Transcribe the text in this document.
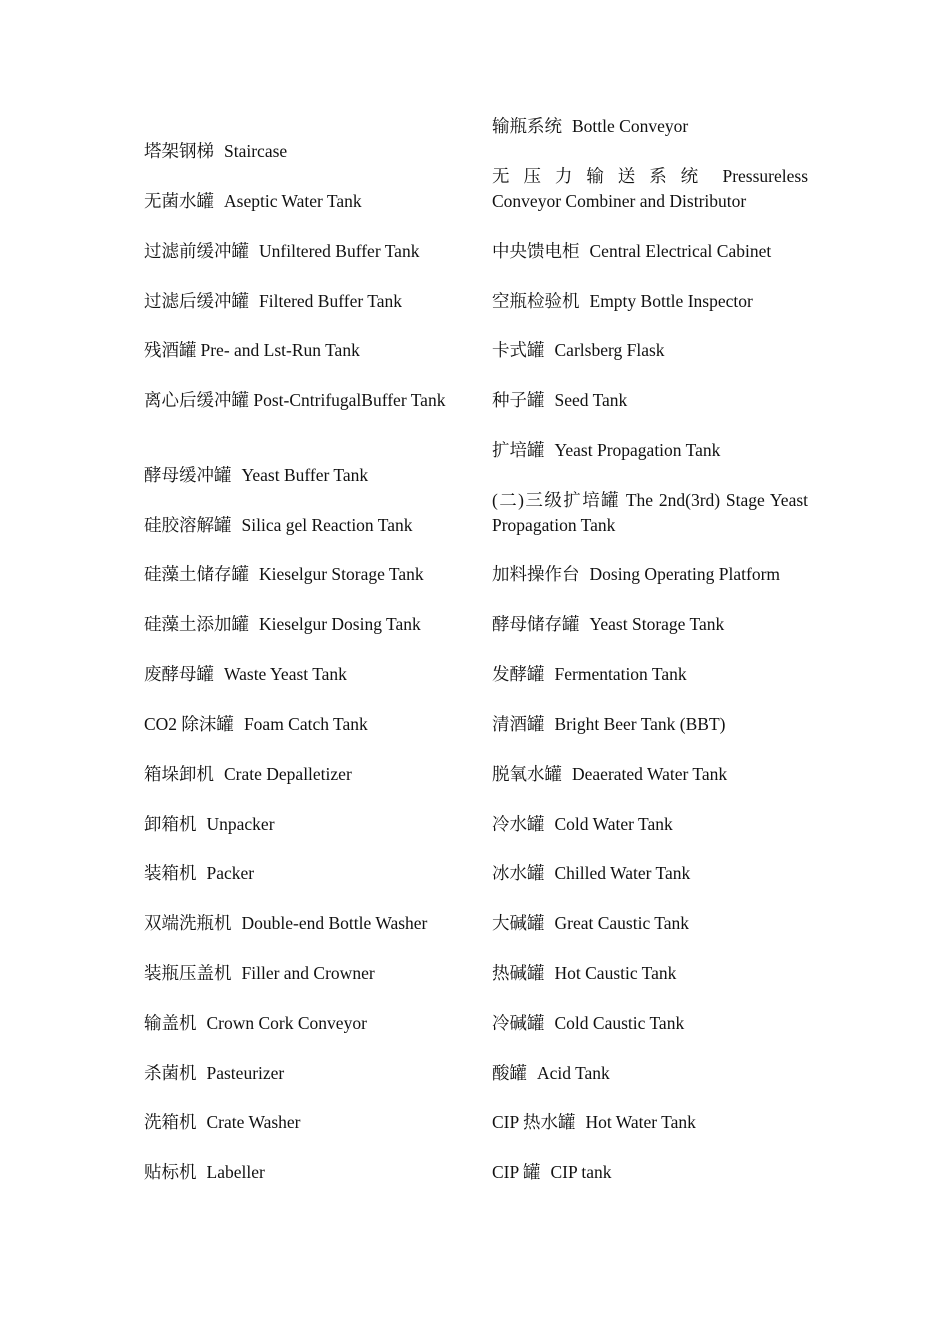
塔架钢梯 Staircase
无菌水罐 Aseptic Water Tank
过滤前缓冲罐 Unfiltered Buffer Tank
过滤后缓冲罐 Filtered Buffer Tank
残酒罐 Pre- and Lst-Run Tank
离心后缓冲罐 Post-CntrifugalBuffer Tank
酵母缓冲罐 Yeast Buffer Tank
硅胶溶解罐 Silica gel Reaction Tank
硅藻土储存罐 Kieselgur Storage Tank
硅藻土添加罐 Kieselgur Dosing Tank
废酵母罐 Waste Yeast Tank
CO2 除沫罐 Foam Catch Tank
箱垛卸机 Crate Depalletizer
卸箱机 Unpacker
装箱机 Packer
双端洗瓶机 Double-end Bottle Washer
装瓶压盖机 Filler and Crowner
输盖机 Crown Cork Conveyor
杀菌机 Pasteurizer
洗箱机 Crate Washer
贴标机 Labeller
输瓶系统 Bottle Conveyor
无压力输送系统 Pressureless Conveyor Combiner and Distributor
中央馈电柜 Central Electrical Cabinet
空瓶检验机 Empty Bottle Inspector
卡式罐 Carlsberg Flask
种子罐 Seed Tank
扩培罐 Yeast Propagation Tank
(二)三级扩培罐 The 2nd(3rd) Stage Yeast Propagation Tank
加料操作台 Dosing Operating Platform
酵母储存罐 Yeast Storage Tank
发酵罐 Fermentation Tank
清酒罐 Bright Beer Tank (BBT)
脱氧水罐 Deaerated Water Tank
冷水罐 Cold Water Tank
冰水罐 Chilled Water Tank
大碱罐 Great Caustic Tank
热碱罐 Hot Caustic Tank
冷碱罐 Cold Caustic Tank
酸罐 Acid Tank
CIP 热水罐 Hot Water Tank
CIP 罐 CIP tank
